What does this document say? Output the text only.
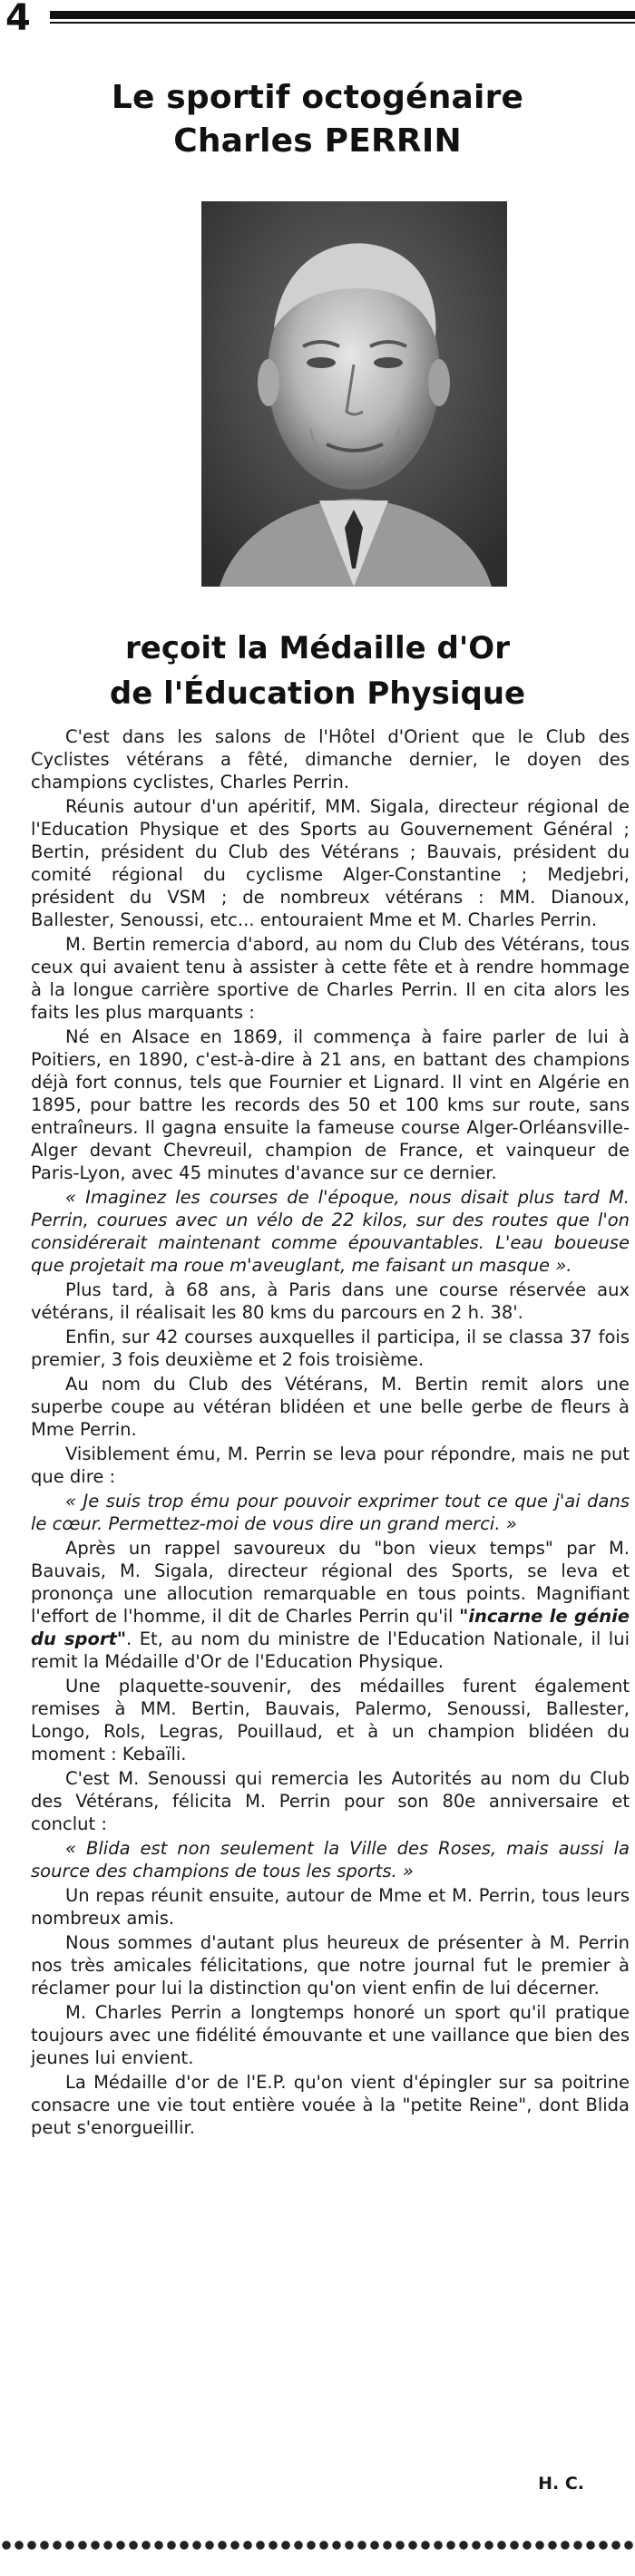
4
Le sportif octogénaire
Charles PERRIN
reçoit la Médaille d'Or
de l'Éducation Physique

C'est dans les salons de l'Hôtel d'Orient que le Club des Cyclistes vétérans a fêté, dimanche dernier, le doyen des champions cyclistes, Charles Perrin.

Réunis autour d'un apéritif, MM. Sigala, directeur régional de l'Education Physique et des Sports au Gouvernement Général ; Bertin, président du Club des Vétérans ; Bauvais, président du comité régional du cyclisme Alger-Constantine ; Medjebri, président du VSM ; de nombreux vétérans : MM. Dianoux, Ballester, Senoussi, etc... entouraient Mme et M. Charles Perrin.

M. Bertin remercia d'abord, au nom du Club des Vétérans, tous ceux qui avaient tenu à assister à cette fête et à rendre hommage à la longue carrière sportive de Charles Perrin. Il en cita alors les faits les plus marquants :

Né en Alsace en 1869, il commença à faire parler de lui à Poitiers, en 1890, c'est-à-dire à 21 ans, en battant des champions déjà fort connus, tels que Fournier et Lignard. Il vint en Algérie en 1895, pour battre les records des 50 et 100 kms sur route, sans entraîneurs. Il gagna ensuite la fameuse course Alger-Orléansville-Alger devant Chevreuil, champion de France, et vainqueur de Paris-Lyon, avec 45 minutes d'avance sur ce dernier.

« Imaginez les courses de l'époque, nous disait plus tard M. Perrin, courues avec un vélo de 22 kilos, sur des routes que l'on considérerait maintenant comme épouvantables. L'eau boueuse que projetait ma roue m'aveuglant, me faisant un masque ».

Plus tard, à 68 ans, à Paris dans une course réservée aux vétérans, il réalisait les 80 kms du parcours en 2 h. 38'.

Enfin, sur 42 courses auxquelles il participa, il se classa 37 fois premier, 3 fois deuxième et 2 fois troisième.

Au nom du Club des Vétérans, M. Bertin remit alors une superbe coupe au vétéran blidéen et une belle gerbe de fleurs à Mme Perrin.

Visiblement ému, M. Perrin se leva pour répondre, mais ne put que dire :

« Je suis trop ému pour pouvoir exprimer tout ce que j'ai dans le cœur. Permettez-moi de vous dire un grand merci. »

Après un rappel savoureux du "bon vieux temps" par M. Bauvais, M. Sigala, directeur régional des Sports, se leva et prononça une allocution remarquable en tous points. Magnifiant l'effort de l'homme, il dit de Charles Perrin qu'il "incarne le génie du sport". Et, au nom du ministre de l'Education Nationale, il lui remit la Médaille d'Or de l'Education Physique.

Une plaquette-souvenir, des médailles furent également remises à MM. Bertin, Bauvais, Palermo, Senoussi, Ballester, Longo, Rols, Legras, Pouillaud, et à un champion blidéen du moment : Kebaïli.

C'est M. Senoussi qui remercia les Autorités au nom du Club des Vétérans, félicita M. Perrin pour son 80e anniversaire et conclut :

« Blida est non seulement la Ville des Roses, mais aussi la source des champions de tous les sports. »

Un repas réunit ensuite, autour de Mme et M. Perrin, tous leurs nombreux amis.

Nous sommes d'autant plus heureux de présenter à M. Perrin nos très amicales félicitations, que notre journal fut le premier à réclamer pour lui la distinction qu'on vient enfin de lui décerner.

M. Charles Perrin a longtemps honoré un sport qu'il pratique toujours avec une fidélité émouvante et une vaillance que bien des jeunes lui envient.

La Médaille d'or de l'E.P. qu'on vient d'épingler sur sa poitrine consacre une vie tout entière vouée à la "petite Reine", dont Blida peut s'enorgueillir.

H. C.
